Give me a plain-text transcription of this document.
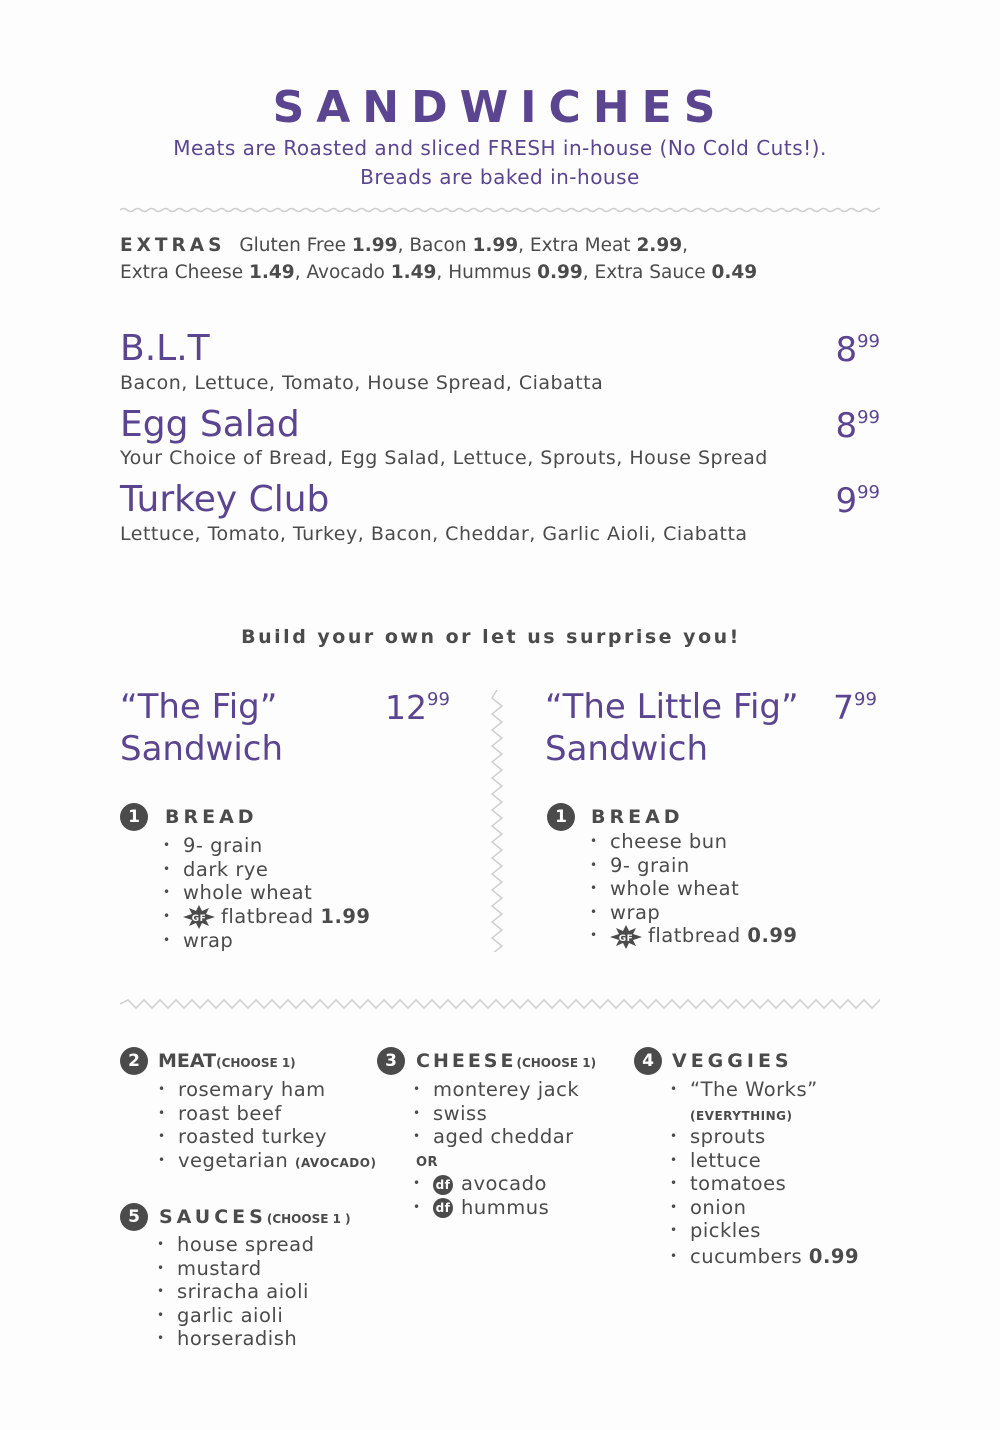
SANDWICHES
Meats are Roasted and sliced FRESH in-house (No Cold Cuts!).
Breads are baked in-house
EXTRAS Gluten Free 1.99, Bacon 1.99, Extra Meat 2.99,
Extra Cheese 1.49, Avocado 1.49, Hummus 0.99, Extra Sauce 0.49
B.L.T	$8^{99}$
Bacon, Lettuce, Tomato, House Spread, Ciabatta
Egg Salad	$8^{99}$
Your Choice of Bread, Egg Salad, Lettuce, Sprouts, House Spread
Turkey Club	$9^{99}$
Lettuce, Tomato, Turkey, Bacon, Cheddar, Garlic Aioli, Ciabatta
Build your own or let us surprise you!
“The Fig”
Sandwich
$12^{99}$
1	BREAD
• 9- grain
• dark rye
• whole wheat
• GF flatbread 1.99
• wrap
“The Little Fig”
Sandwich
$7^{99}$
1	BREAD
• cheese bun
• 9- grain
• whole wheat
• wrap
• GF flatbread 0.99
2 MEAT(CHOOSE 1)
• rosemary ham
• roast beef
• roasted turkey
• vegetarian (AVOCADO)
5	SAUCES(CHOOSE 1 )
• house spread
• mustard
• sriracha aioli
• garlic aioli
• horseradish
3	CHEESE(CHOOSE 1)
• monterey jack
• swiss
• aged cheddar
OR
• df avocado
• df hummus
4 VEGGIES
• “The Works”
(EVERYTHING)
• sprouts
• lettuce
• tomatoes
• onion
• pickles
• cucumbers 0.99
